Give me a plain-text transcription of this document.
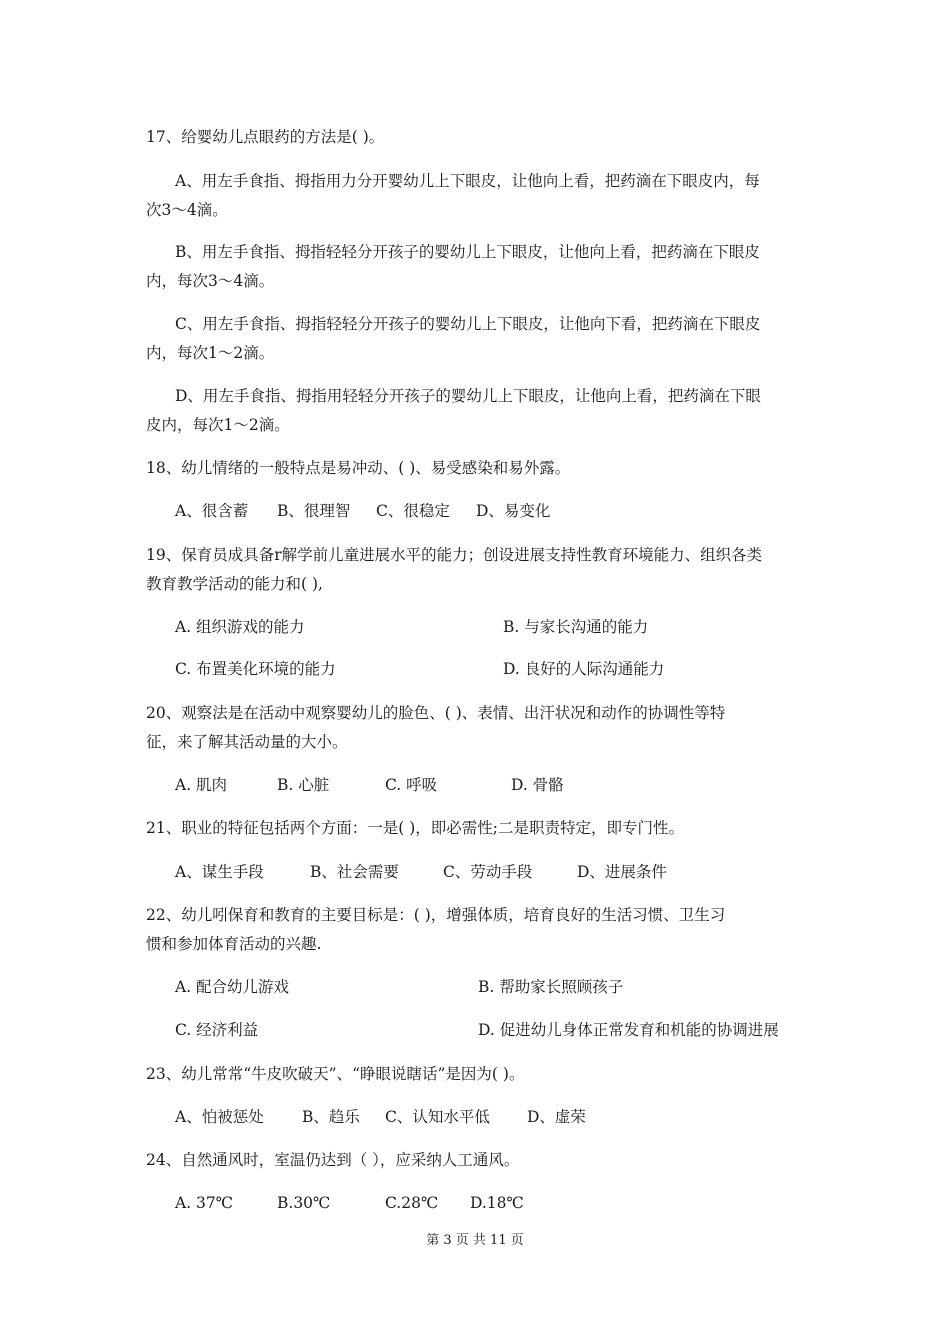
17、给婴幼儿点眼药的方法是( )。
A、用左手食指、拇指用力分开婴幼儿上下眼皮，让他向上看，把药滴在下眼皮内，每
次3～4滴。
B、用左手食指、拇指轻轻分开孩子的婴幼儿上下眼皮，让他向上看，把药滴在下眼皮
内，每次3～4滴。
C、用左手食指、拇指轻轻分开孩子的婴幼儿上下眼皮，让他向下看，把药滴在下眼皮
内，每次1～2滴。
D、用左手食指、拇指用轻轻分开孩子的婴幼儿上下眼皮，让他向上看，把药滴在下眼
皮内，每次1～2滴。
18、幼儿情绪的一般特点是易冲动、( )、易受感染和易外露。
A、很含蓄 B、很理智 C、很稳定 D、易变化
19、保育员成具备r解学前儿童进展水平的能力；创设进展支持性教育环境能力、组织各类
教育教学活动的能力和( ),
A. 组织游戏的能力	B. 与家长沟通的能力
C. 布置美化环境的能力	D. 良好的人际沟通能力
20、观察法是在活动中观察婴幼儿的脸色、( )、表情、出汗状况和动作的协调性等特
征，来了解其活动量的大小。
A. 肌肉	B. 心脏	C. 呼吸	D. 骨骼
21、职业的特征包括两个方面：一是( )，即必需性;二是职责特定，即专门性。
A、谋生手段	B、社会需要	C、劳动手段	D、进展条件
22、幼儿吲保育和教育的主要目标是：( )，增强体质，培育良好的生活习惯、卫生习
惯和参加体育活动的兴趣.
A. 配合幼儿游戏	B. 帮助家长照顾孩子
C. 经济利益	D. 促进幼儿身体正常发育和机能的协调进展
23、幼儿常常“牛皮吹破天”、“睁眼说瞎话”是因为( )。
A、怕被惩处 B、趋乐 C、认知水平低 D、虚荣
24、自然通风时，室温仍达到（ ），应采纳人工通风。
A. 37℃	B.30℃	C.28℃ D.18℃
第 3 页 共 11 页
